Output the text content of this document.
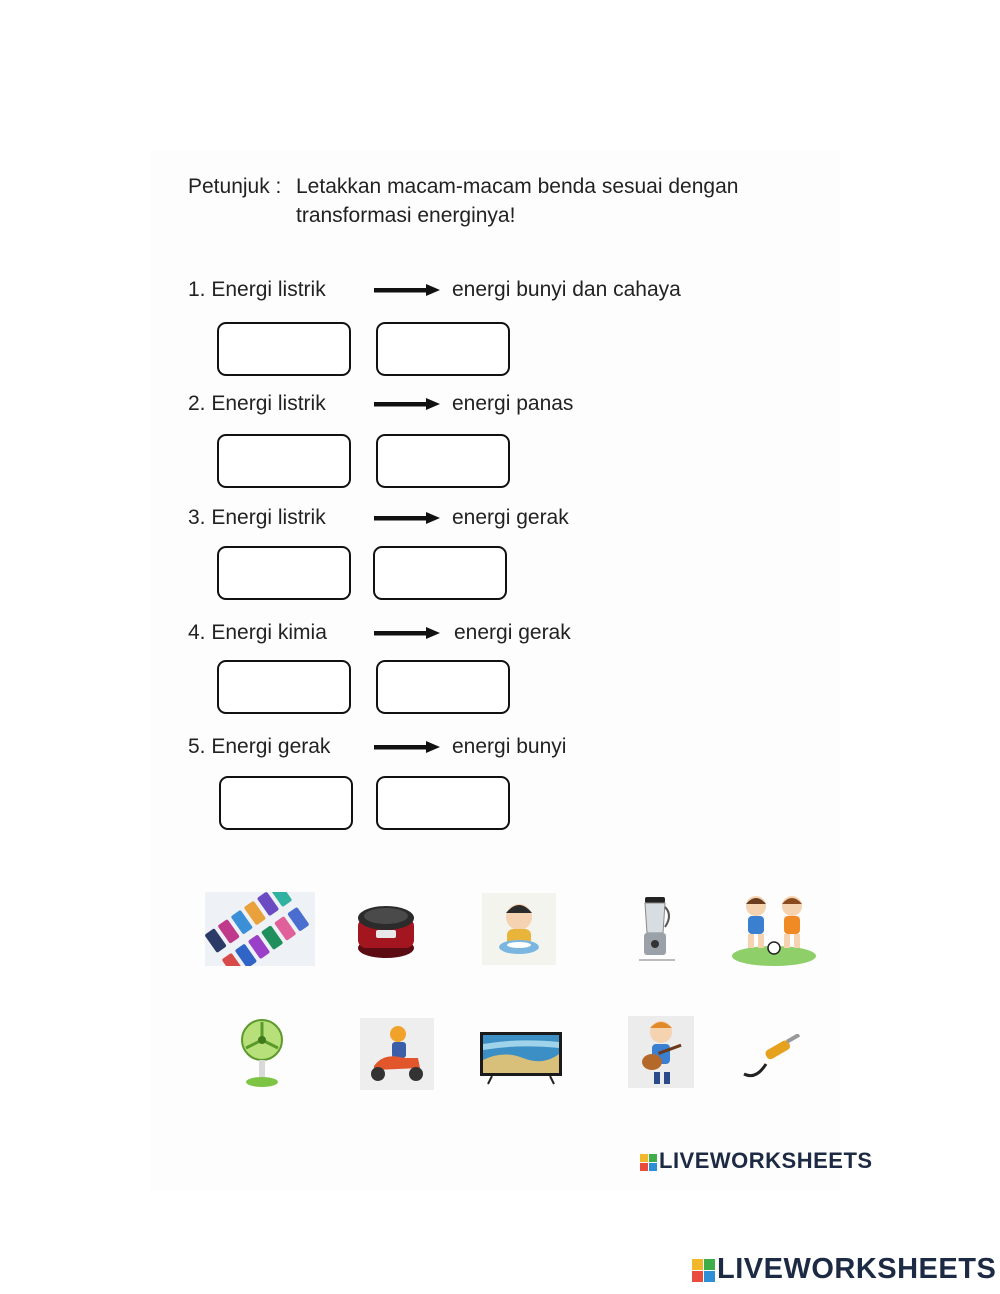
Petunjuk : Letakkan macam-macam benda sesuai dengan
transformasi energinya!
1. Energi listrik	energi bunyi dan cahaya
2. Energi listrik	energi panas
3. Energi listrik	energi gerak
4. Energi kimia	energi gerak
5. Energi gerak	energi bunyi
LIVEWORKSHEETS
LIVEWORKSHEETS
